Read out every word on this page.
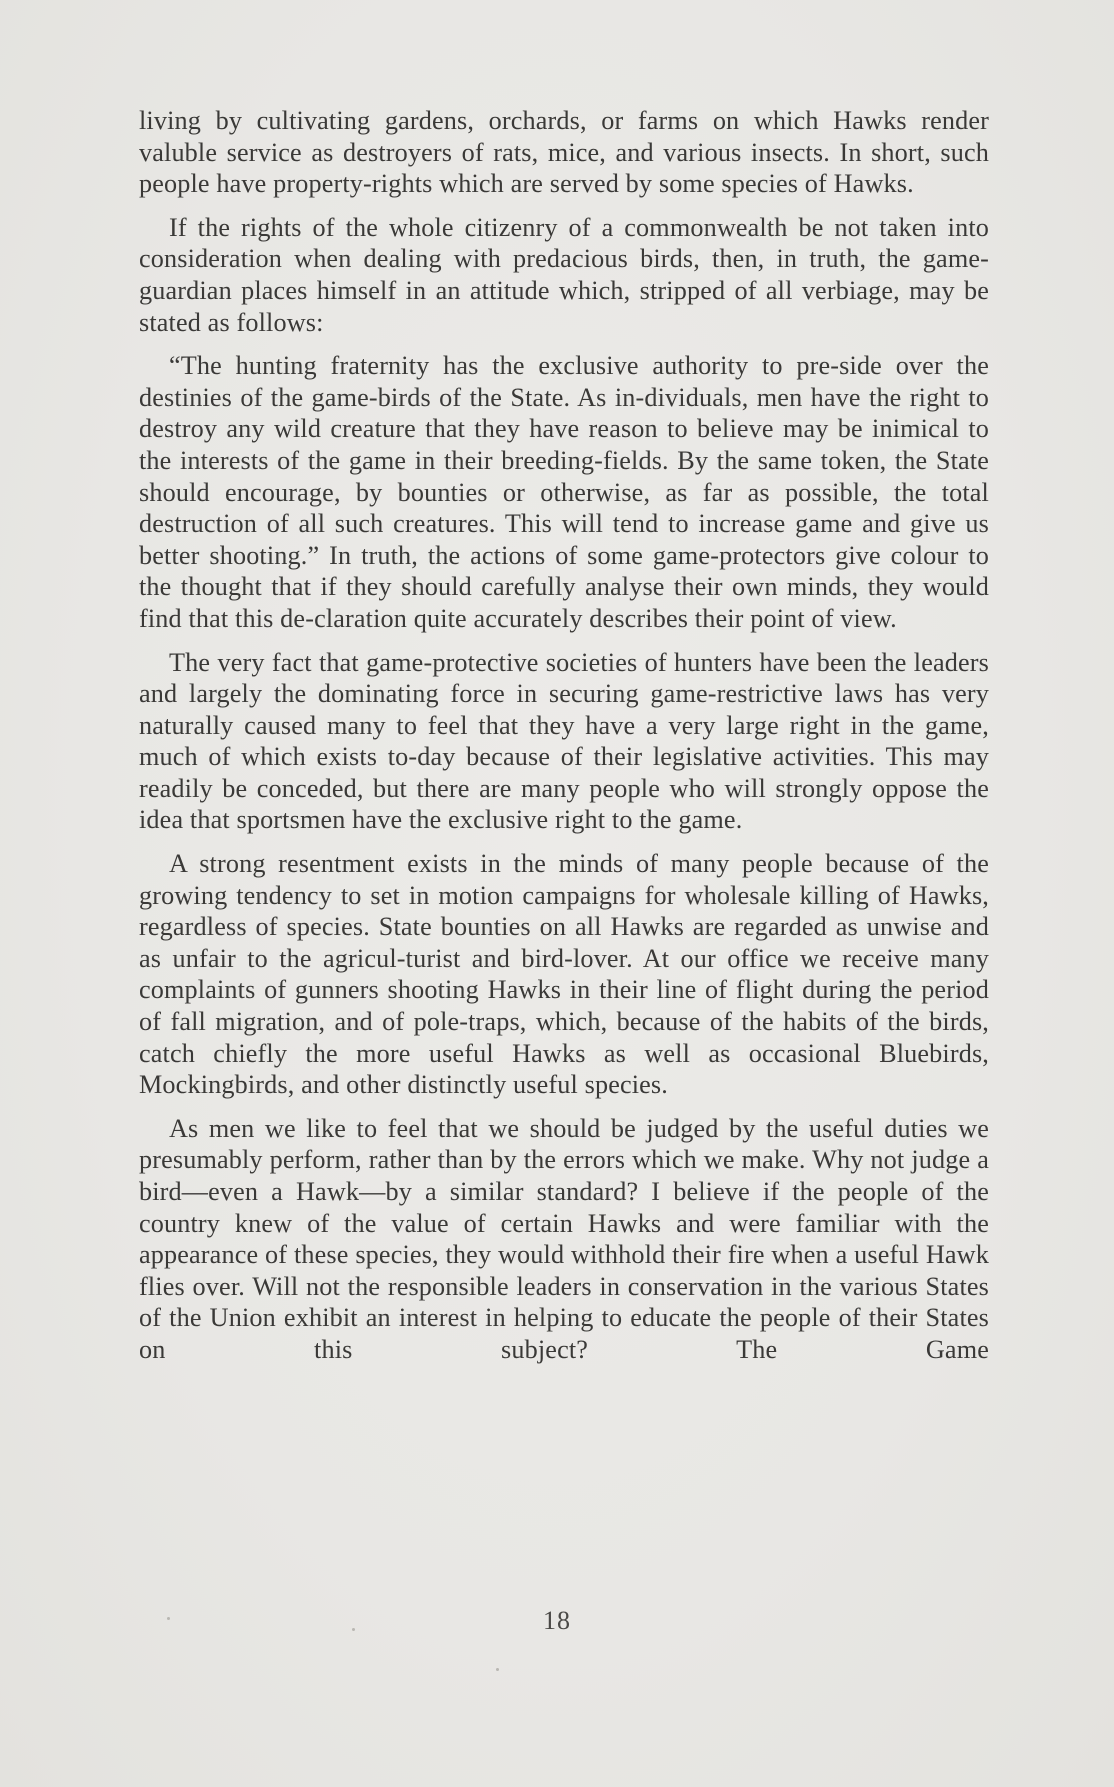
living by cultivating gardens, orchards, or farms on which Hawks render valuble service as destroyers of rats, mice, and various insects. In short, such people have property-rights which are served by some species of Hawks.

If the rights of the whole citizenry of a commonwealth be not taken into consideration when dealing with predacious birds, then, in truth, the game-guardian places himself in an attitude which, stripped of all verbiage, may be stated as follows:

“The hunting fraternity has the exclusive authority to pre-side over the destinies of the game-birds of the State. As in-dividuals, men have the right to destroy any wild creature that they have reason to believe may be inimical to the interests of the game in their breeding-fields. By the same token, the State should encourage, by bounties or otherwise, as far as possible, the total destruction of all such creatures. This will tend to increase game and give us better shooting.” In truth, the actions of some game-protectors give colour to the thought that if they should carefully analyse their own minds, they would find that this de-claration quite accurately describes their point of view.

The very fact that game-protective societies of hunters have been the leaders and largely the dominating force in securing game-restrictive laws has very naturally caused many to feel that they have a very large right in the game, much of which exists to-day because of their legislative activities. This may readily be conceded, but there are many people who will strongly oppose the idea that sportsmen have the exclusive right to the game.

A strong resentment exists in the minds of many people because of the growing tendency to set in motion campaigns for wholesale killing of Hawks, regardless of species. State bounties on all Hawks are regarded as unwise and as unfair to the agricul-turist and bird-lover. At our office we receive many complaints of gunners shooting Hawks in their line of flight during the period of fall migration, and of pole-traps, which, because of the habits of the birds, catch chiefly the more useful Hawks as well as occasional Bluebirds, Mockingbirds, and other distinctly useful species.

As men we like to feel that we should be judged by the useful duties we presumably perform, rather than by the errors which we make. Why not judge a bird—even a Hawk—by a similar standard? I believe if the people of the country knew of the value of certain Hawks and were familiar with the appearance of these species, they would withhold their fire when a useful Hawk flies over. Will not the responsible leaders in conservation in the various States of the Union exhibit an interest in helping to educate the people of their States on this subject? The Game

18
